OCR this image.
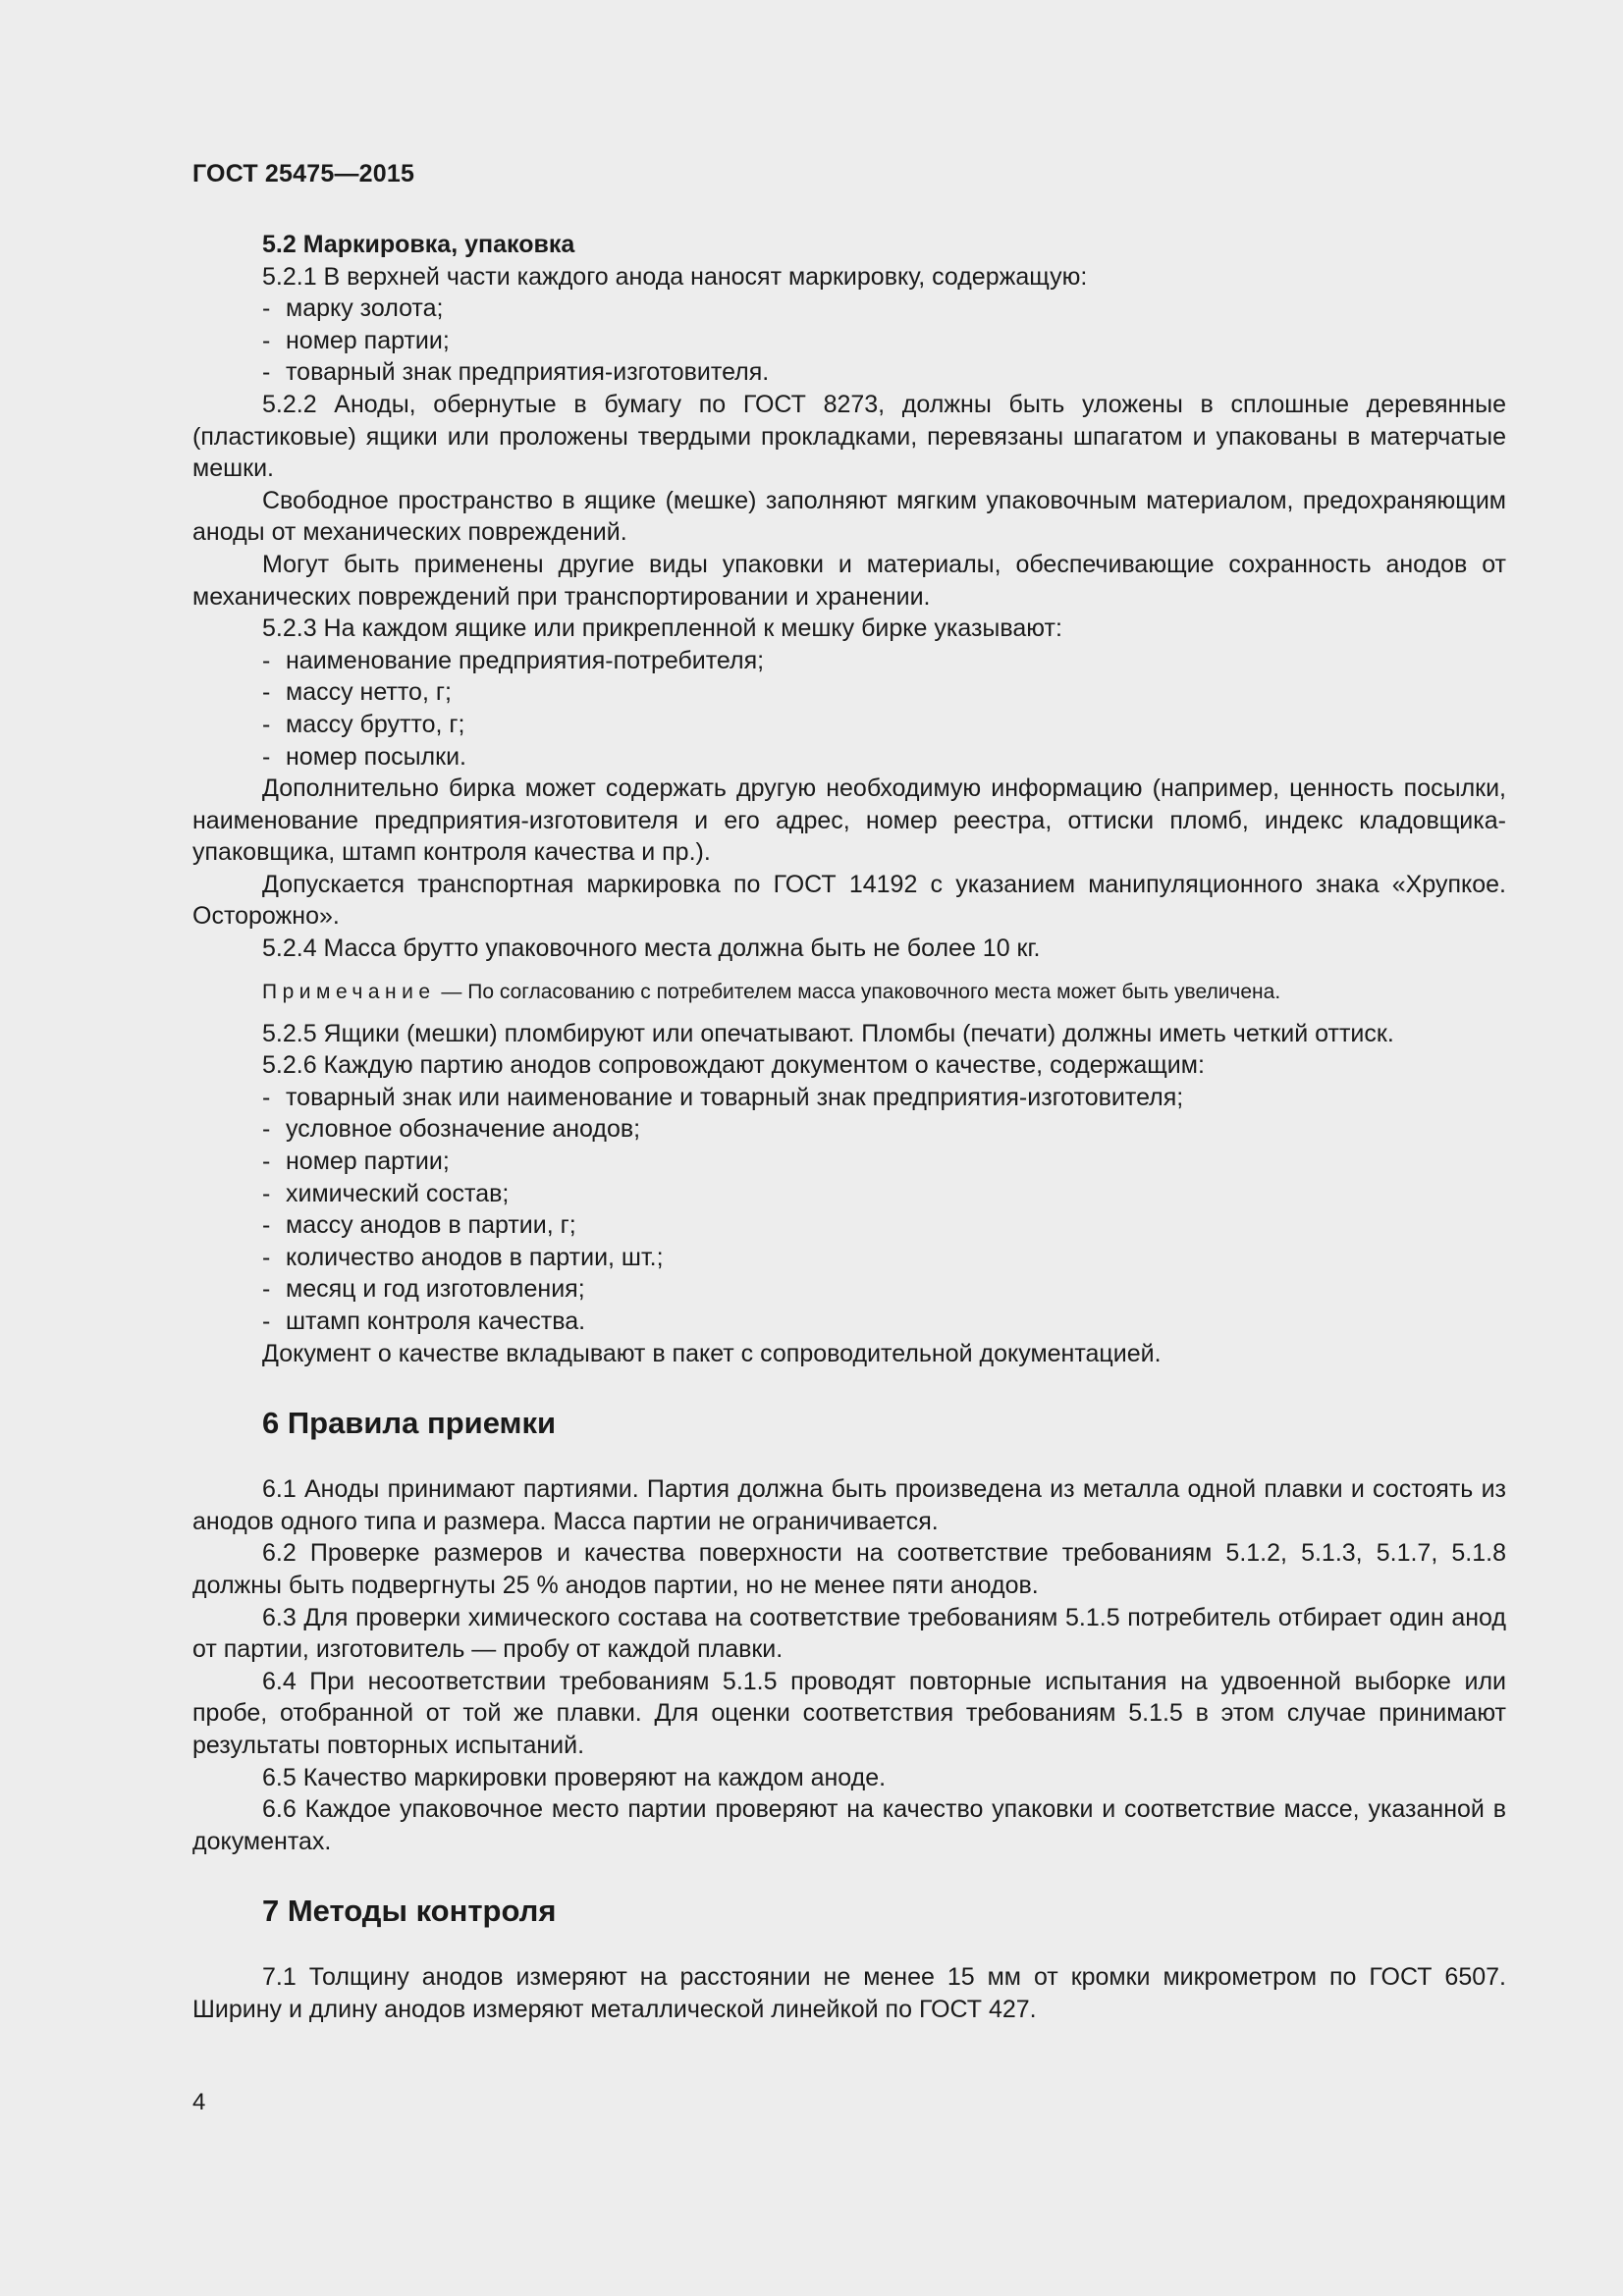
ГОСТ 25475—2015

5.2 Маркировка, упаковка

5.2.1 В верхней части каждого анода наносят маркировку, содержащую:

- марку золота;

- номер партии;

- товарный знак предприятия-изготовителя.

5.2.2 Аноды, обернутые в бумагу по ГОСТ 8273, должны быть уложены в сплошные деревянные (пластиковые) ящики или проложены твердыми прокладками, перевязаны шпагатом и упакованы в матерчатые мешки.

Свободное пространство в ящике (мешке) заполняют мягким упаковочным материалом, предохраняющим аноды от механических повреждений.

Могут быть применены другие виды упаковки и материалы, обеспечивающие сохранность анодов от механических повреждений при транспортировании и хранении.

5.2.3 На каждом ящике или прикрепленной к мешку бирке указывают:

- наименование предприятия-потребителя;

- массу нетто, г;

- массу брутто, г;

- номер посылки.

Дополнительно бирка может содержать другую необходимую информацию (например, ценность посылки, наименование предприятия-изготовителя и его адрес, номер реестра, оттиски пломб, индекс кладовщика-упаковщика, штамп контроля качества и пр.).

Допускается транспортная маркировка по ГОСТ 14192 с указанием манипуляционного знака «Хрупкое. Осторожно».

5.2.4 Масса брутто упаковочного места должна быть не более 10 кг.

Примечание — По согласованию с потребителем масса упаковочного места может быть увеличена.

5.2.5 Ящики (мешки) пломбируют или опечатывают. Пломбы (печати) должны иметь четкий оттиск.

5.2.6 Каждую партию анодов сопровождают документом о качестве, содержащим:

- товарный знак или наименование и товарный знак предприятия-изготовителя;

- условное обозначение анодов;

- номер партии;

- химический состав;

- массу анодов в партии, г;

- количество анодов в партии, шт.;

- месяц и год изготовления;

- штамп контроля качества.

Документ о качестве вкладывают в пакет с сопроводительной документацией.

6 Правила приемки

6.1 Аноды принимают партиями. Партия должна быть произведена из металла одной плавки и состоять из анодов одного типа и размера. Масса партии не ограничивается.

6.2 Проверке размеров и качества поверхности на соответствие требованиям 5.1.2, 5.1.3, 5.1.7, 5.1.8 должны быть подвергнуты 25 % анодов партии, но не менее пяти анодов.

6.3 Для проверки химического состава на соответствие требованиям 5.1.5 потребитель отбирает один анод от партии, изготовитель — пробу от каждой плавки.

6.4 При несоответствии требованиям 5.1.5 проводят повторные испытания на удвоенной выборке или пробе, отобранной от той же плавки. Для оценки соответствия требованиям 5.1.5 в этом случае принимают результаты повторных испытаний.

6.5 Качество маркировки проверяют на каждом аноде.

6.6 Каждое упаковочное место партии проверяют на качество упаковки и соответствие массе, указанной в документах.

7 Методы контроля

7.1 Толщину анодов измеряют на расстоянии не менее 15 мм от кромки микрометром по ГОСТ 6507. Ширину и длину анодов измеряют металлической линейкой по ГОСТ 427.

4
